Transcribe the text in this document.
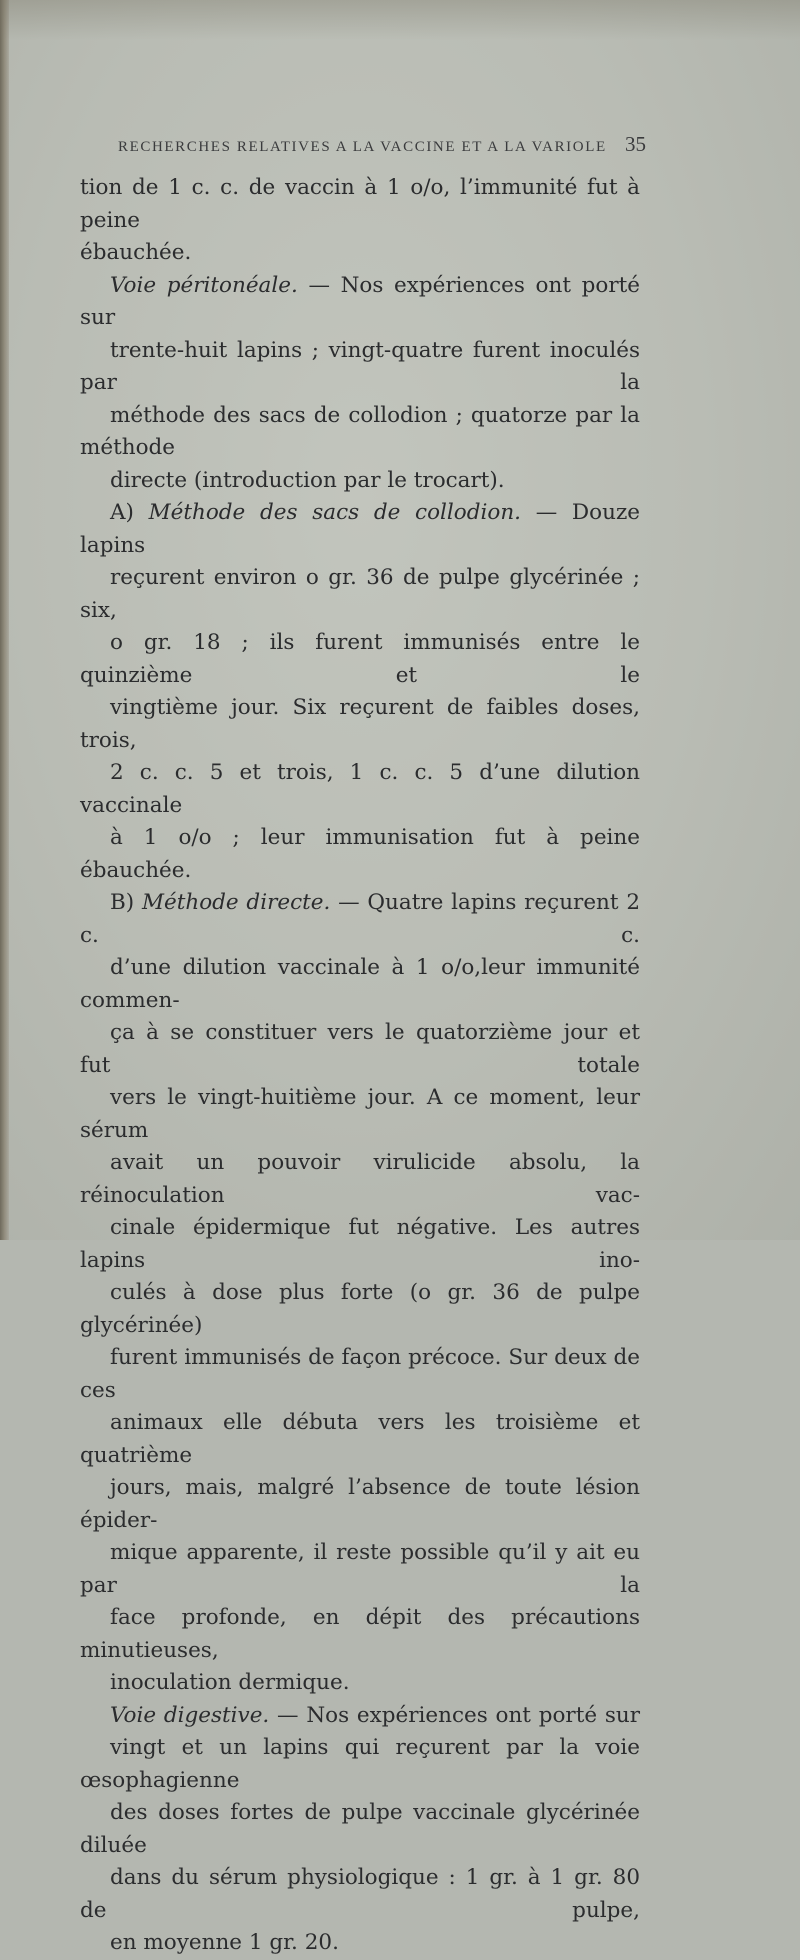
RECHERCHES RELATIVES A LA VACCINE ET A LA VARIOLE 35

tion de 1 c. c. de vaccin à 1 o/o, l’immunité fut à peine
ébauchée.

Voie péritonéale. — Nos expériences ont porté sur
trente-huit lapins ; vingt-quatre furent inoculés par la
méthode des sacs de collodion ; quatorze par la méthode
directe (introduction par le trocart).

A) Méthode des sacs de collodion. — Douze lapins
reçurent environ o gr. 36 de pulpe glycérinée ; six,
o gr. 18 ; ils furent immunisés entre le quinzième et le
vingtième jour. Six reçurent de faibles doses, trois,
2 c. c. 5 et trois, 1 c. c. 5 d’une dilution vaccinale
à 1 o/o ; leur immunisation fut à peine ébauchée.

B) Méthode directe. — Quatre lapins reçurent 2 c. c.
d’une dilution vaccinale à 1 o/o,leur immunité commen-
ça à se constituer vers le quatorzième jour et fut totale
vers le vingt-huitième jour. A ce moment, leur sérum
avait un pouvoir virulicide absolu, la réinoculation vac-
cinale épidermique fut négative. Les autres lapins ino-
culés à dose plus forte (o gr. 36 de pulpe glycérinée)
furent immunisés de façon précoce. Sur deux de ces
animaux elle débuta vers les troisième et quatrième
jours, mais, malgré l’absence de toute lésion épider-
mique apparente, il reste possible qu’il y ait eu par la
face profonde, en dépit des précautions minutieuses,
inoculation dermique.

Voie digestive. — Nos expériences ont porté sur
vingt et un lapins qui reçurent par la voie œsophagienne
des doses fortes de pulpe vaccinale glycérinée diluée
dans du sérum physiologique : 1 gr. à 1 gr. 80 de pulpe,
en moyenne 1 gr. 20.
